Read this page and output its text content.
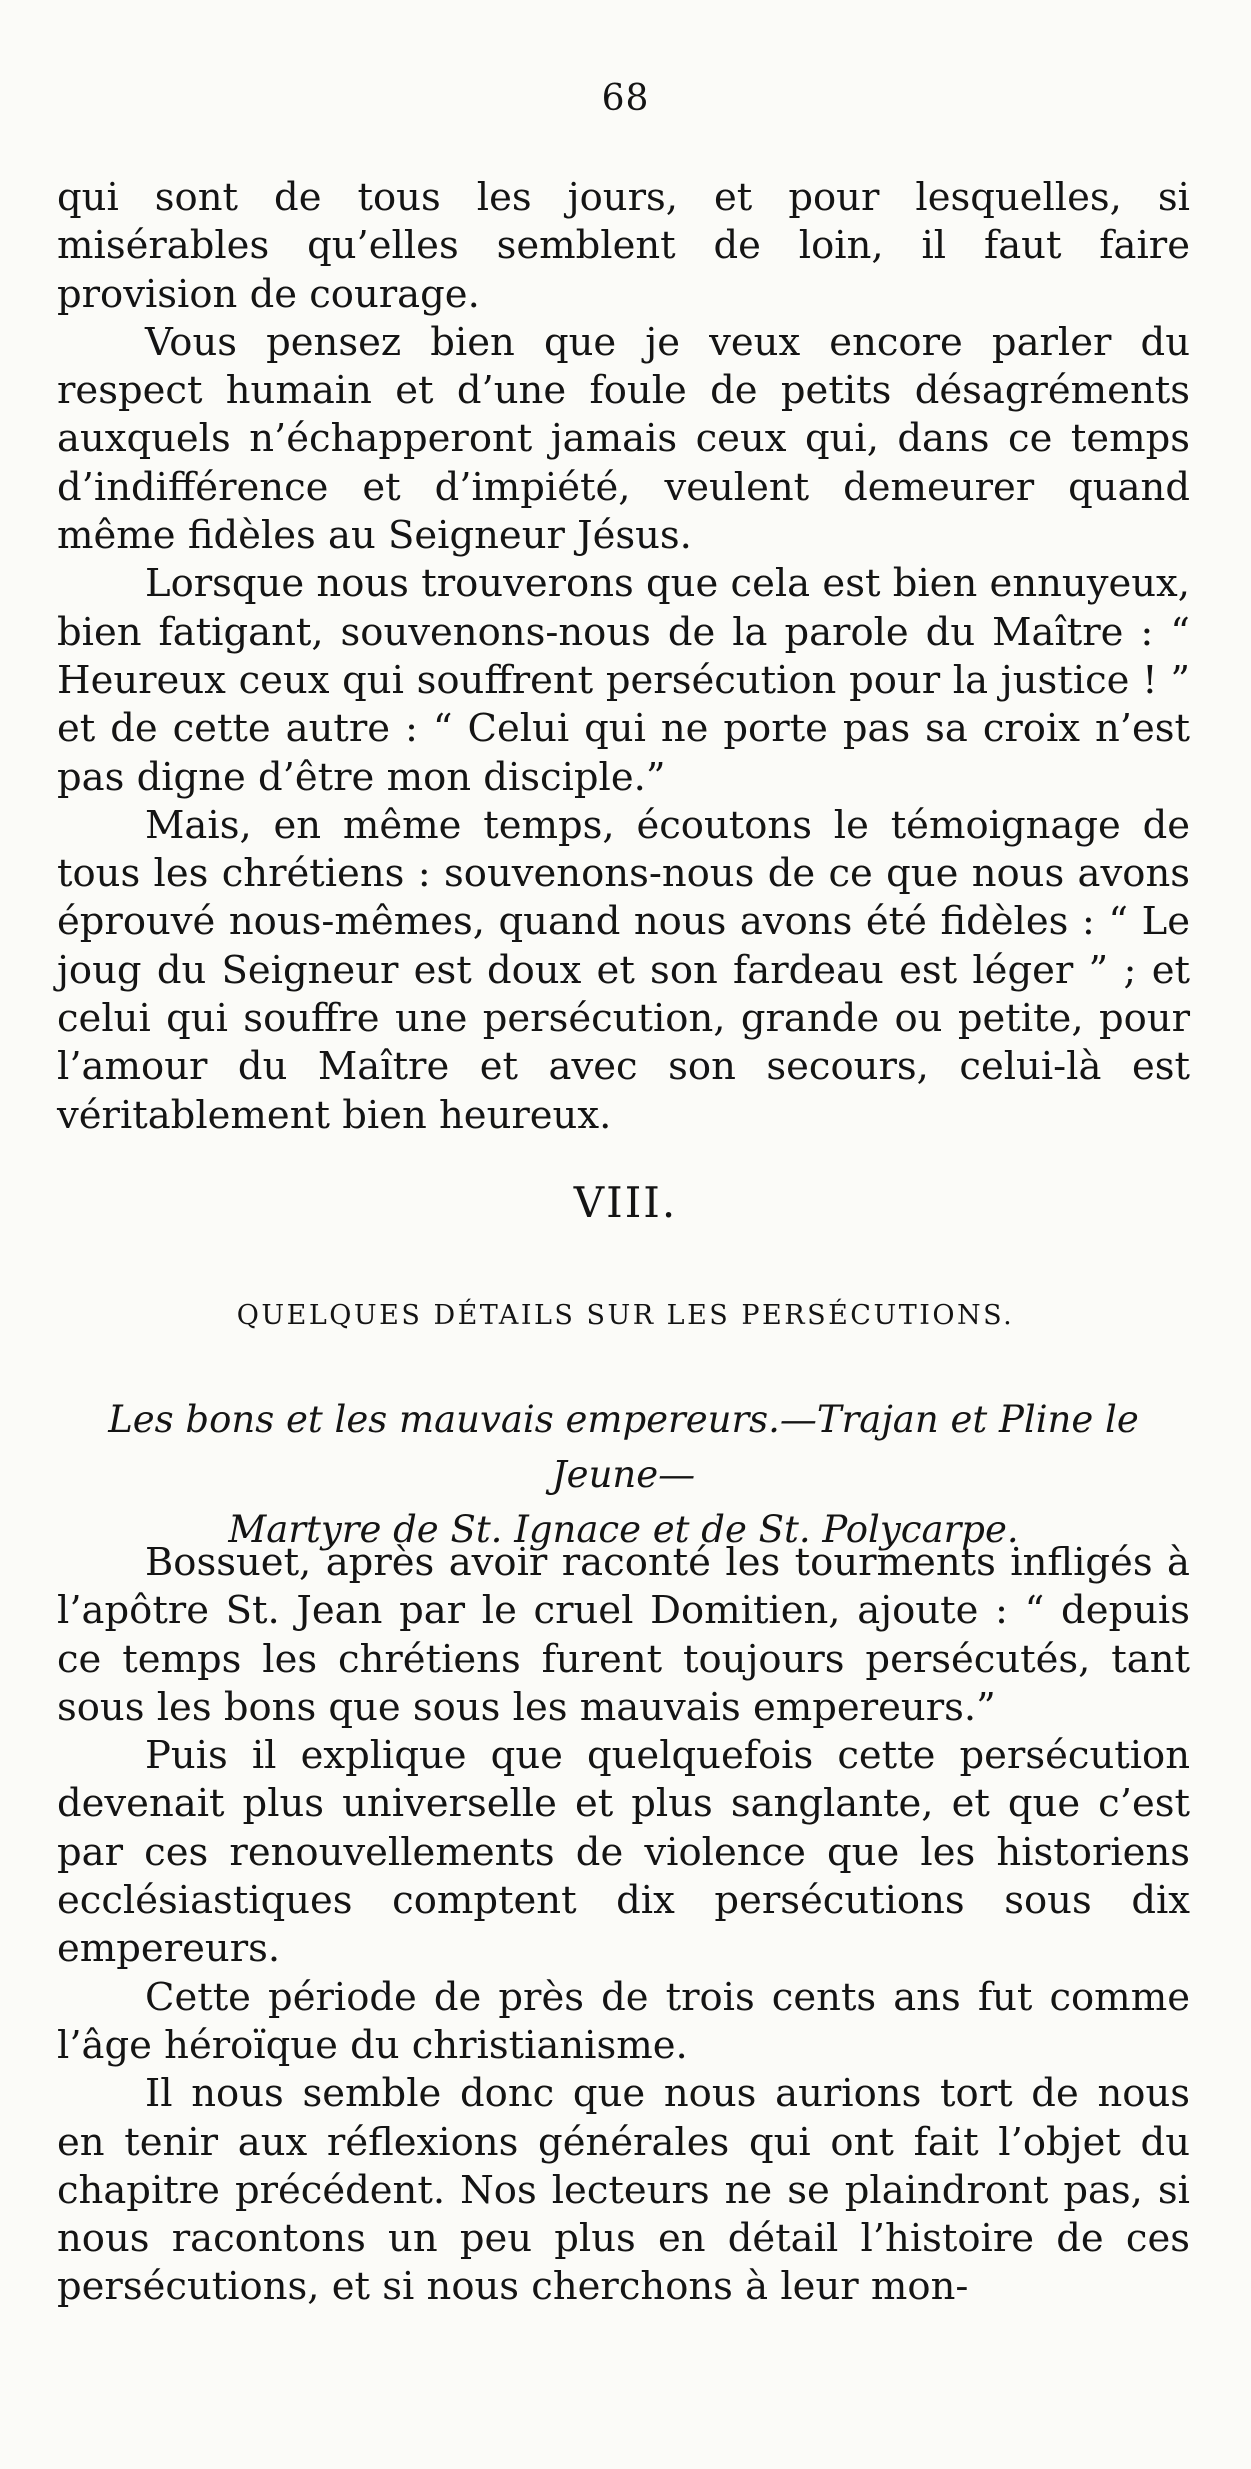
68

qui sont de tous les jours, et pour lesquelles, si misérables qu’elles semblent de loin, il faut faire provision de courage.

Vous pensez bien que je veux encore parler du respect humain et d’une foule de petits désagréments auxquels n’échapperont jamais ceux qui, dans ce temps d’indifférence et d’impiété, veulent demeurer quand même fidèles au Seigneur Jésus.

Lorsque nous trouverons que cela est bien ennuyeux, bien fatigant, souvenons-nous de la parole du Maître : “ Heureux ceux qui souffrent persécution pour la justice ! ” et de cette autre : “ Celui qui ne porte pas sa croix n’est pas digne d’être mon disciple.”

Mais, en même temps, écoutons le témoignage de tous les chrétiens : souvenons-nous de ce que nous avons éprouvé nous-mêmes, quand nous avons été fidèles : “ Le joug du Seigneur est doux et son fardeau est léger ” ; et celui qui souffre une persécution, grande ou petite, pour l’amour du Maître et avec son secours, celui-là est véritablement bien heureux.

VIII.
QUELQUES DÉTAILS SUR LES PERSÉCUTIONS.
Les bons et les mauvais empereurs.—Trajan et Pline le Jeune—
Martyre de St. Ignace et de St. Polycarpe.

Bossuet, après avoir raconté les tourments infligés à l’apôtre St. Jean par le cruel Domitien, ajoute : “ depuis ce temps les chrétiens furent toujours persécutés, tant sous les bons que sous les mauvais empereurs.”

Puis il explique que quelquefois cette persécution devenait plus universelle et plus sanglante, et que c’est par ces renouvellements de violence que les historiens ecclésiastiques comptent dix persécutions sous dix empereurs.

Cette période de près de trois cents ans fut comme l’âge héroïque du christianisme.

Il nous semble donc que nous aurions tort de nous en tenir aux réflexions générales qui ont fait l’objet du chapitre précédent. Nos lecteurs ne se plaindront pas, si nous racontons un peu plus en détail l’histoire de ces persécutions, et si nous cherchons à leur mon-
